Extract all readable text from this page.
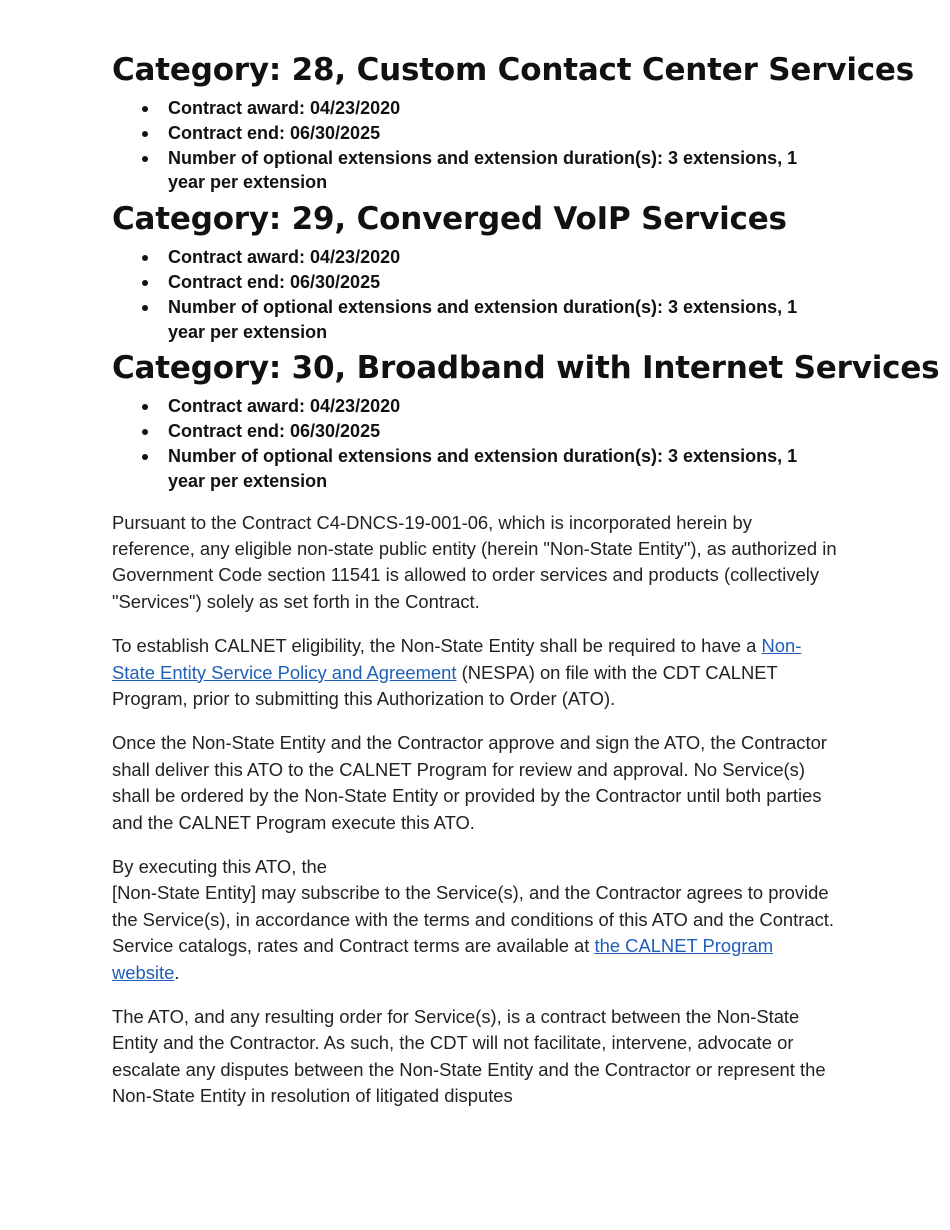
Category: 28, Custom Contact Center Services
Contract award: 04/23/2020
Contract end: 06/30/2025
Number of optional extensions and extension duration(s): 3 extensions, 1 year per extension
Category: 29, Converged VoIP Services
Contract award: 04/23/2020
Contract end: 06/30/2025
Number of optional extensions and extension duration(s): 3 extensions, 1 year per extension
Category: 30, Broadband with Internet Services
Contract award: 04/23/2020
Contract end: 06/30/2025
Number of optional extensions and extension duration(s): 3 extensions, 1 year per extension

Pursuant to the Contract C4-DNCS-19-001-06, which is incorporated herein by reference, any eligible non-state public entity (herein "Non-State Entity"), as authorized in Government Code section 11541 is allowed to order services and products (collectively "Services") solely as set forth in the Contract.

To establish CALNET eligibility, the Non-State Entity shall be required to have a Non-State Entity Service Policy and Agreement (NESPA) on file with the CDT CALNET Program, prior to submitting this Authorization to Order (ATO).

Once the Non-State Entity and the Contractor approve and sign the ATO, the Contractor shall deliver this ATO to the CALNET Program for review and approval. No Service(s) shall be ordered by the Non-State Entity or provided by the Contractor until both parties and the CALNET Program execute this ATO.

By executing this ATO, the
[Non-State Entity] may subscribe to the Service(s), and the Contractor agrees to provide the Service(s), in accordance with the terms and conditions of this ATO and the Contract. Service catalogs, rates and Contract terms are available at the CALNET Program website.

The ATO, and any resulting order for Service(s), is a contract between the Non-State Entity and the Contractor. As such, the CDT will not facilitate, intervene, advocate or escalate any disputes between the Non-State Entity and the Contractor or represent the Non-State Entity in resolution of litigated disputes
